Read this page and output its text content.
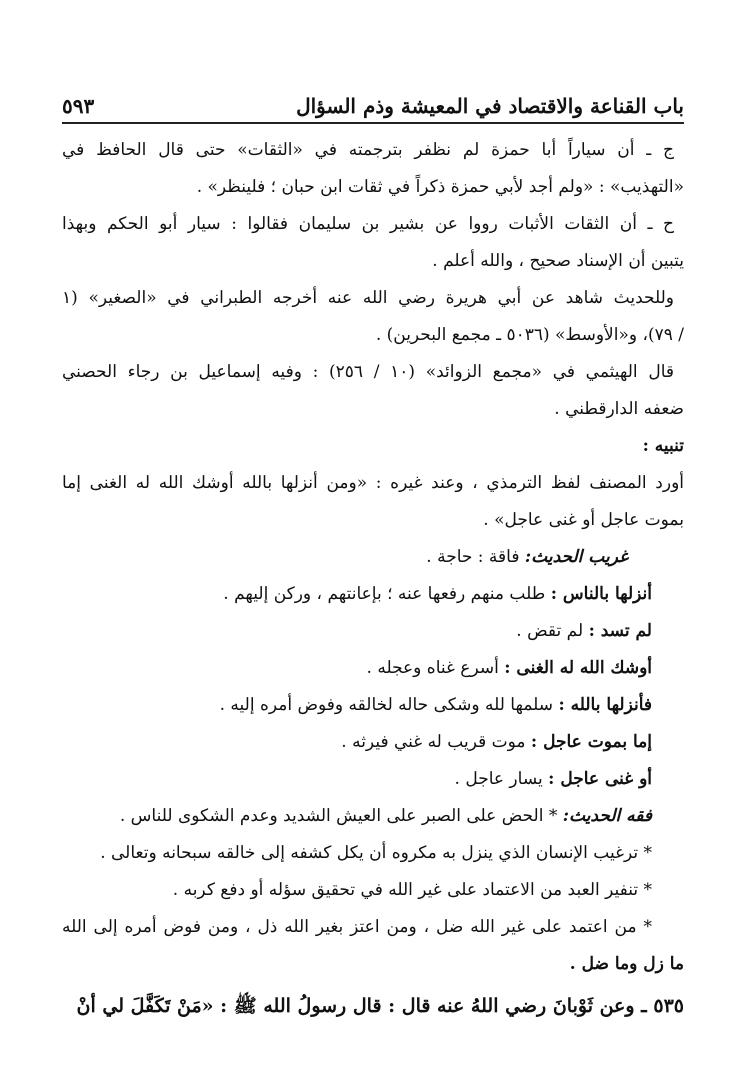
٥٩٣	باب القناعة والاقتصاد في المعيشة وذم السؤال
ج ـ أن سياراً أبا حمزة لم نظفر بترجمته في «الثقات» حتى قال الحافظ في
«التهذيب» : «ولم أجد لأبي حمزة ذكراً في ثقات ابن حبان ؛ فلينظر» .
ح ـ أن الثقات الأثبات رووا عن بشير بن سليمان فقالوا : سيار أبو الحكم وبهذا
يتبين أن الإسناد صحيح ، والله أعلم .
وللحديث شاهد عن أبي هريرة رضي الله عنه أخرجه الطبراني في «الصغير» (١
/ ٧٩)، و«الأوسط» (٥٠٣٦ ـ مجمع البحرين) .
قال الهيثمي في «مجمع الزوائد» (١٠ / ٢٥٦) : وفيه إسماعيل بن رجاء الحصني
ضعفه الدارقطني .
تنبيه :
أورد المصنف لفظ الترمذي ، وعند غيره : «ومن أنزلها بالله أوشك الله له الغنى إما
بموت عاجل أو غنى عاجل» .
غريب الحديث: فاقة : حاجة .
أنزلها بالناس : طلب منهم رفعها عنه ؛ بإعانتهم ، وركن إليهم .
لم تسد : لم تقض .
أوشك الله له الغنى : أسرع غناه وعجله .
فأنزلها بالله : سلمها لله وشكى حاله لخالقه وفوض أمره إليه .
إما بموت عاجل : موت قريب له غني فيرثه .
أو غنى عاجل : يسار عاجل .
فقه الحديث: * الحض على الصبر على العيش الشديد وعدم الشكوى للناس .
* ترغيب الإنسان الذي ينزل به مكروه أن يكل كشفه إلى خالقه سبحانه وتعالى .
* تنفير العبد من الاعتماد على غير الله في تحقيق سؤله أو دفع كربه .
* من اعتمد على غير الله ضل ، ومن اعتز بغير الله ذل ، ومن فوض أمره إلى الله
ما زل وما ضل .
٥٣٥ ـ وعن ثَوْبانَ رضي اللهُ عنه قال : قال رسولُ الله ﷺ : «مَنْ تَكَفَّلَ لي أنْ
